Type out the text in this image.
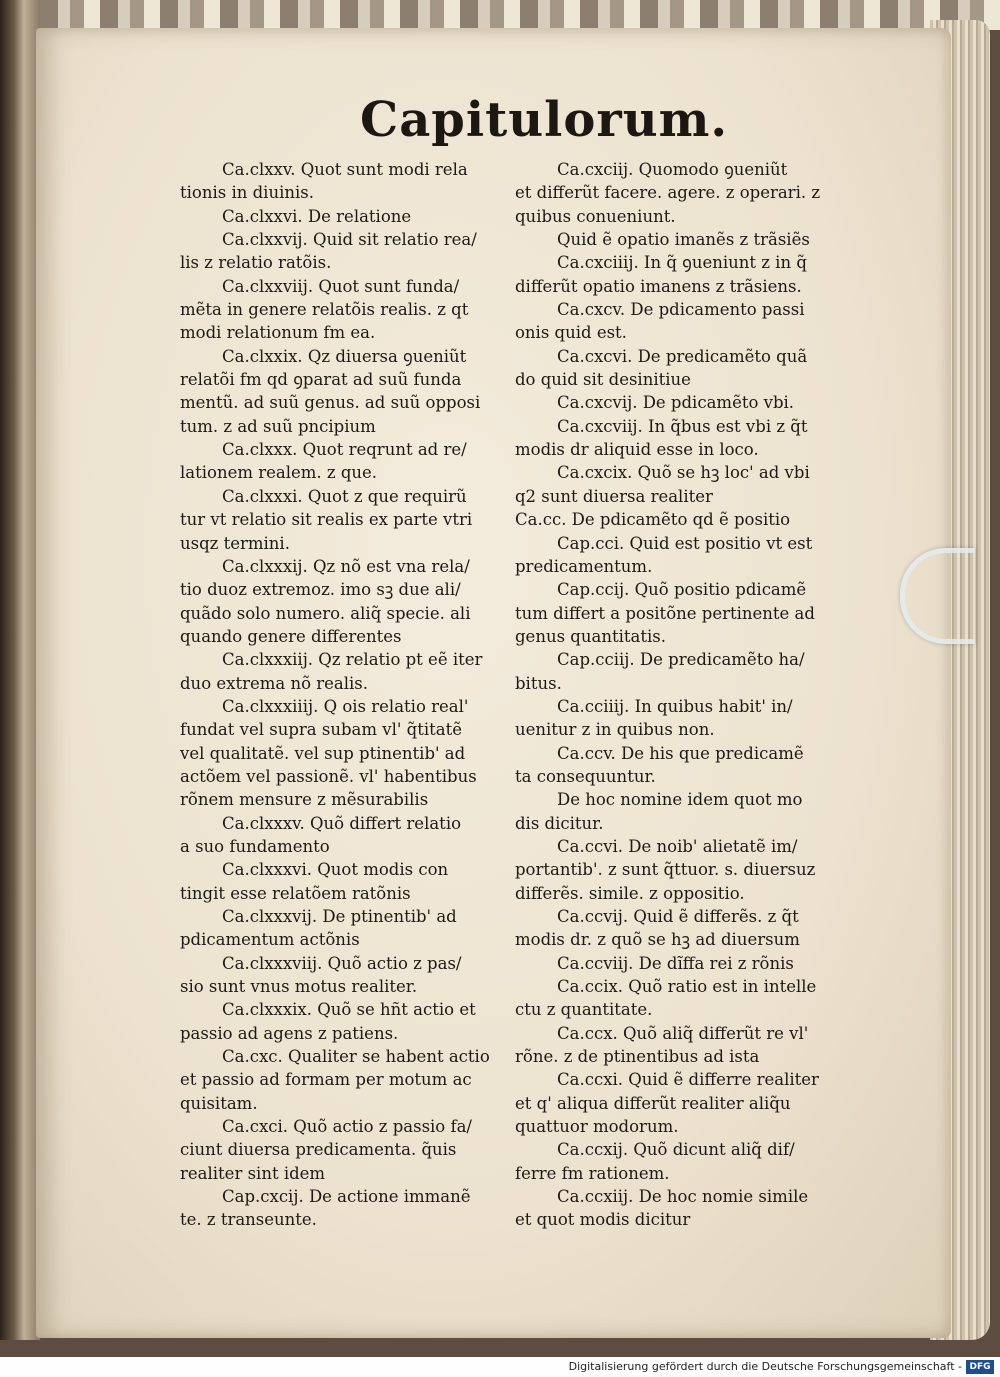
Capitulorum.
Ca.clxxv. Quot sunt modi rela
tionis in diuinis.
Ca.clxxvi. De relatione
Ca.clxxvij. Quid sit relatio rea/
lis z relatio ratõis.
Ca.clxxviij. Quot sunt funda/
mẽta in genere relatõis realis. z qt
modi relationum fm ea.
Ca.clxxix. Qz diuersa ꝯueniũt
relatõi fm qd ꝯparat ad suũ funda
mentũ. ad suũ genus. ad suũ opposi
tum. z ad suũ pncipium
Ca.clxxx. Quot reqrunt ad re/
lationem realem. z que.
Ca.clxxxi. Quot z que requirũ
tur vt relatio sit realis ex parte vtri
usqz termini.
Ca.clxxxij. Qz nõ est vna rela/
tio duoz extremoz. imo sꝫ due ali/
quãdo solo numero. aliq̃ specie. ali
quando genere differentes
Ca.clxxxiij. Qz relatio pt eẽ iter
duo extrema nõ realis.
Ca.clxxxiiij. Q ois relatio real'
fundat vel supra subam vl' q̃titatẽ
vel qualitatẽ. vel sup ptinentib' ad
actõem vel passionẽ. vl' habentibus
rõnem mensure z mẽsurabilis
Ca.clxxxv. Quõ differt relatio
a suo fundamento
Ca.clxxxvi. Quot modis con
tingit esse relatõem ratõnis
Ca.clxxxvij. De ptinentib' ad
pdicamentum actõnis
Ca.clxxxviij. Quõ actio z pas/
sio sunt vnus motus realiter.
Ca.clxxxix. Quõ se hñt actio et
passio ad agens z patiens.
Ca.cxc. Qualiter se habent actio
et passio ad formam per motum ac
quisitam.
Ca.cxci. Quõ actio z passio fa/
ciunt diuersa predicamenta. q̃uis
realiter sint idem
Cap.cxcij. De actione immanẽ
te. z transeunte.
Ca.cxciij. Quomodo ꝯueniũt
et differũt facere. agere. z operari. z
quibus conueniunt.
Quid ẽ opatio imanẽs z trãsiẽs
Ca.cxciiij. In q̃ ꝯueniunt z in q̃
differũt opatio imanens z trãsiens.
Ca.cxcv. De pdicamento passi
onis quid est.
Ca.cxcvi. De predicamẽto quã
do quid sit desinitiue
Ca.cxcvij. De pdicamẽto vbi.
Ca.cxcviij. In q̃bus est vbi z q̃t
modis dr aliquid esse in loco.
Ca.cxcix. Quõ se hꝫ loc' ad vbi
q2 sunt diuersa realiter
Ca.cc. De pdicamẽto qd ẽ positio
Cap.cci. Quid est positio vt est
predicamentum.
Cap.ccij. Quõ positio pdicamẽ
tum differt a positõne pertinente ad
genus quantitatis.
Cap.cciij. De predicamẽto ha/
bitus.
Ca.cciiij. In quibus habit' in/
uenitur z in quibus non.
Ca.ccv. De his que predicamẽ
ta consequuntur.
De hoc nomine idem quot mo
dis dicitur.
Ca.ccvi. De noib' alietatẽ im/
portantib'. z sunt q̃ttuor. s. diuersuz
differẽs. simile. z oppositio.
Ca.ccvij. Quid ẽ differẽs. z q̃t
modis dr. z quõ se hꝫ ad diuersum
Ca.ccviij. De dĩffa rei z rõnis
Ca.ccix. Quõ ratio est in intelle
ctu z quantitate.
Ca.ccx. Quõ aliq̃ differũt re vl'
rõne. z de ptinentibus ad ista
Ca.ccxi. Quid ẽ differre realiter
et q' aliqua differũt realiter aliq̃u
quattuor modorum.
Ca.ccxij. Quõ dicunt aliq̃ dif/
ferre fm rationem.
Ca.ccxiij. De hoc nomie simile
et quot modis dicitur
Digitalisierung gefördert durch die Deutsche Forschungsgemeinschaft - DFG
